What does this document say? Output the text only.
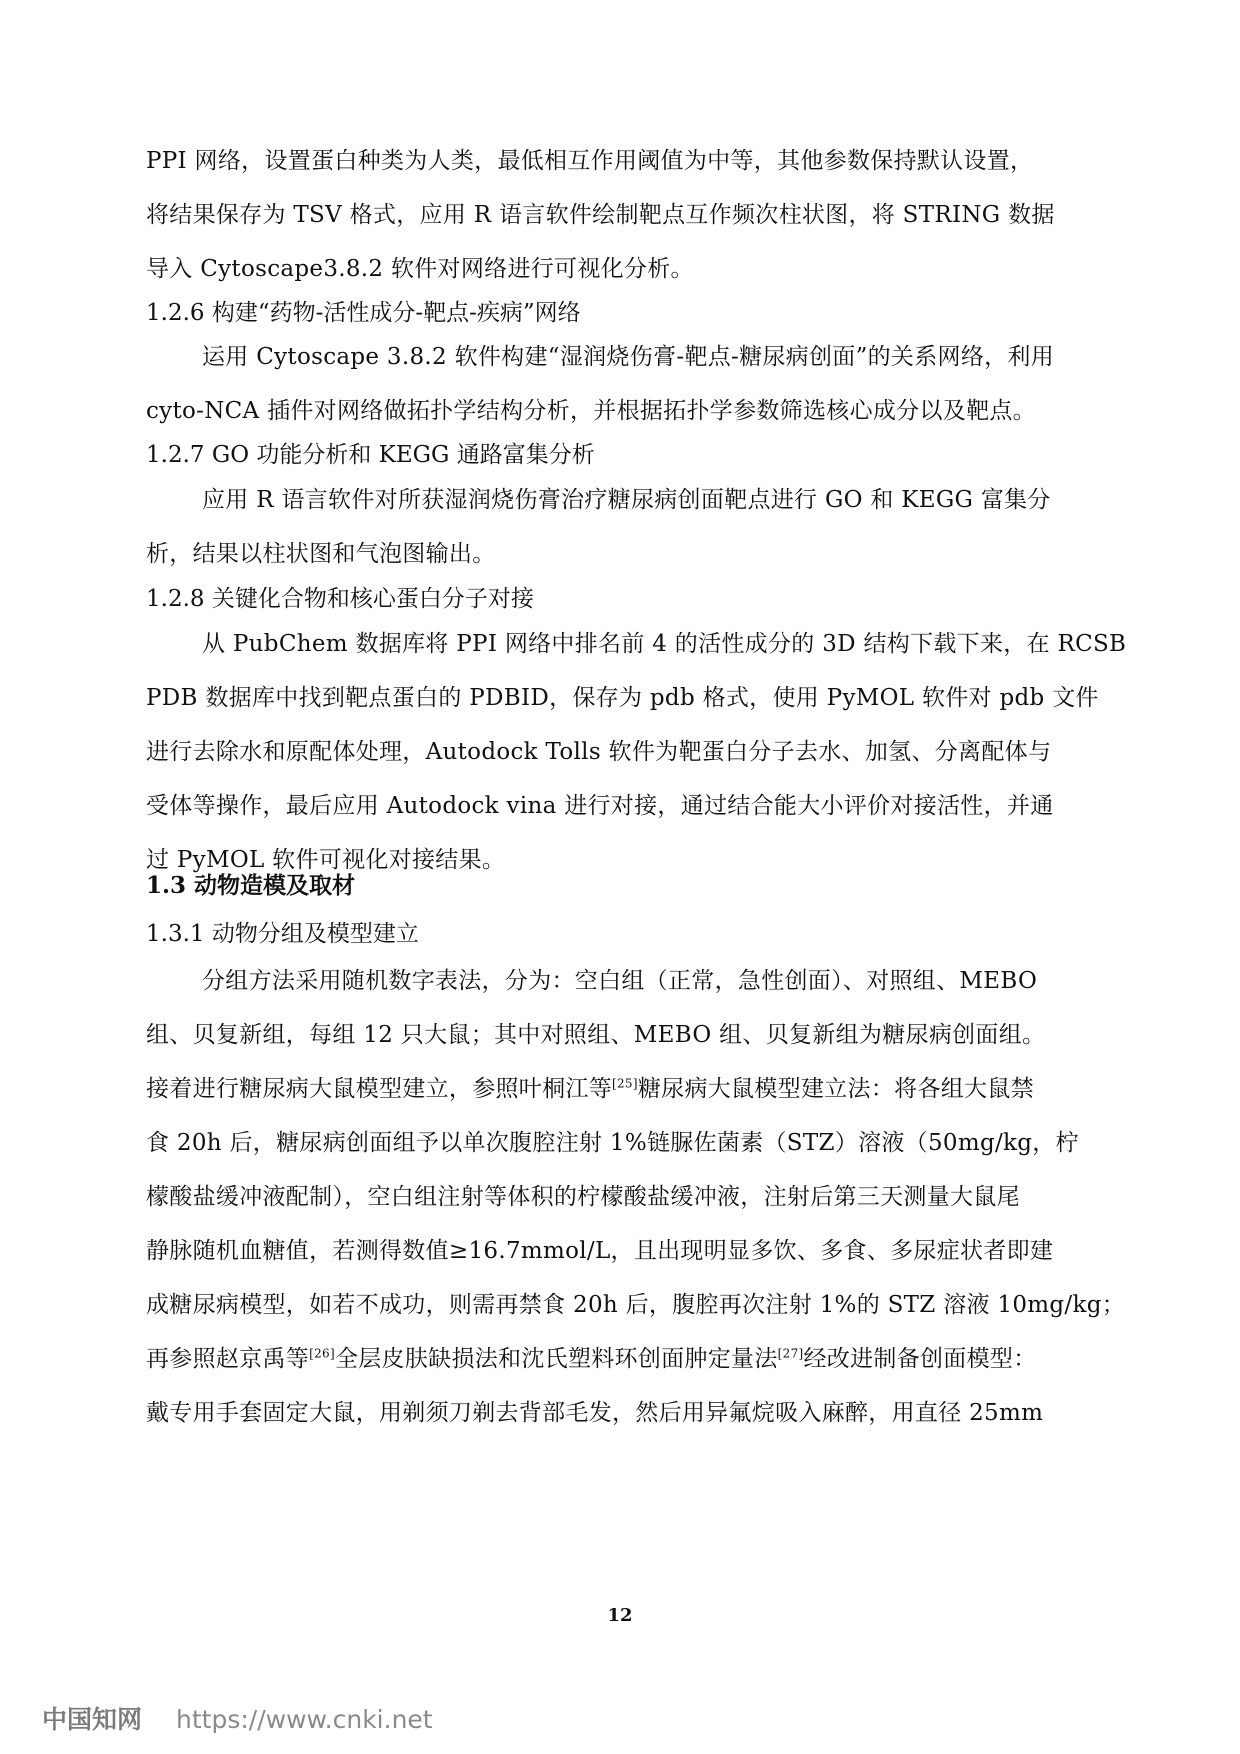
PPI 网络，设置蛋白种类为人类，最低相互作用阈值为中等，其他参数保持默认设置，
将结果保存为 TSV 格式，应用 R 语言软件绘制靶点互作频次柱状图，将 STRING 数据
导入 Cytoscape3.8.2 软件对网络进行可视化分析。
1.2.6 构建“药物-活性成分-靶点-疾病”网络
运用 Cytoscape 3.8.2 软件构建“湿润烧伤膏-靶点-糖尿病创面”的关系网络，利用
cyto-NCA 插件对网络做拓扑学结构分析，并根据拓扑学参数筛选核心成分以及靶点。
1.2.7 GO 功能分析和 KEGG 通路富集分析
应用 R 语言软件对所获湿润烧伤膏治疗糖尿病创面靶点进行 GO 和 KEGG 富集分
析，结果以柱状图和气泡图输出。
1.2.8 关键化合物和核心蛋白分子对接
从 PubChem 数据库将 PPI 网络中排名前 4 的活性成分的 3D 结构下载下来，在 RCSB
PDB 数据库中找到靶点蛋白的 PDBID，保存为 pdb 格式，使用 PyMOL 软件对 pdb 文件
进行去除水和原配体处理，Autodock Tolls 软件为靶蛋白分子去水、加氢、分离配体与
受体等操作，最后应用 Autodock vina 进行对接，通过结合能大小评价对接活性，并通
过 PyMOL 软件可视化对接结果。
1.3 动物造模及取材
1.3.1 动物分组及模型建立
分组方法采用随机数字表法，分为：空白组（正常，急性创面）、对照组、MEBO
组、贝复新组，每组 12 只大鼠；其中对照组、MEBO 组、贝复新组为糖尿病创面组。
接着进行糖尿病大鼠模型建立，参照叶桐江等[25]糖尿病大鼠模型建立法：将各组大鼠禁
食 20h 后，糖尿病创面组予以单次腹腔注射 1%链脲佐菌素（STZ）溶液（50mg/kg，柠
檬酸盐缓冲液配制），空白组注射等体积的柠檬酸盐缓冲液，注射后第三天测量大鼠尾
静脉随机血糖值，若测得数值≥16.7mmol/L，且出现明显多饮、多食、多尿症状者即建
成糖尿病模型，如若不成功，则需再禁食 20h 后，腹腔再次注射 1%的 STZ 溶液 10mg/kg；
再参照赵京禹等[26]全层皮肤缺损法和沈氏塑料环创面肿定量法[27]经改进制备创面模型：
戴专用手套固定大鼠，用剃须刀剃去背部毛发，然后用异氟烷吸入麻醉，用直径 25mm
12
中国知网 https://www.cnki.net
